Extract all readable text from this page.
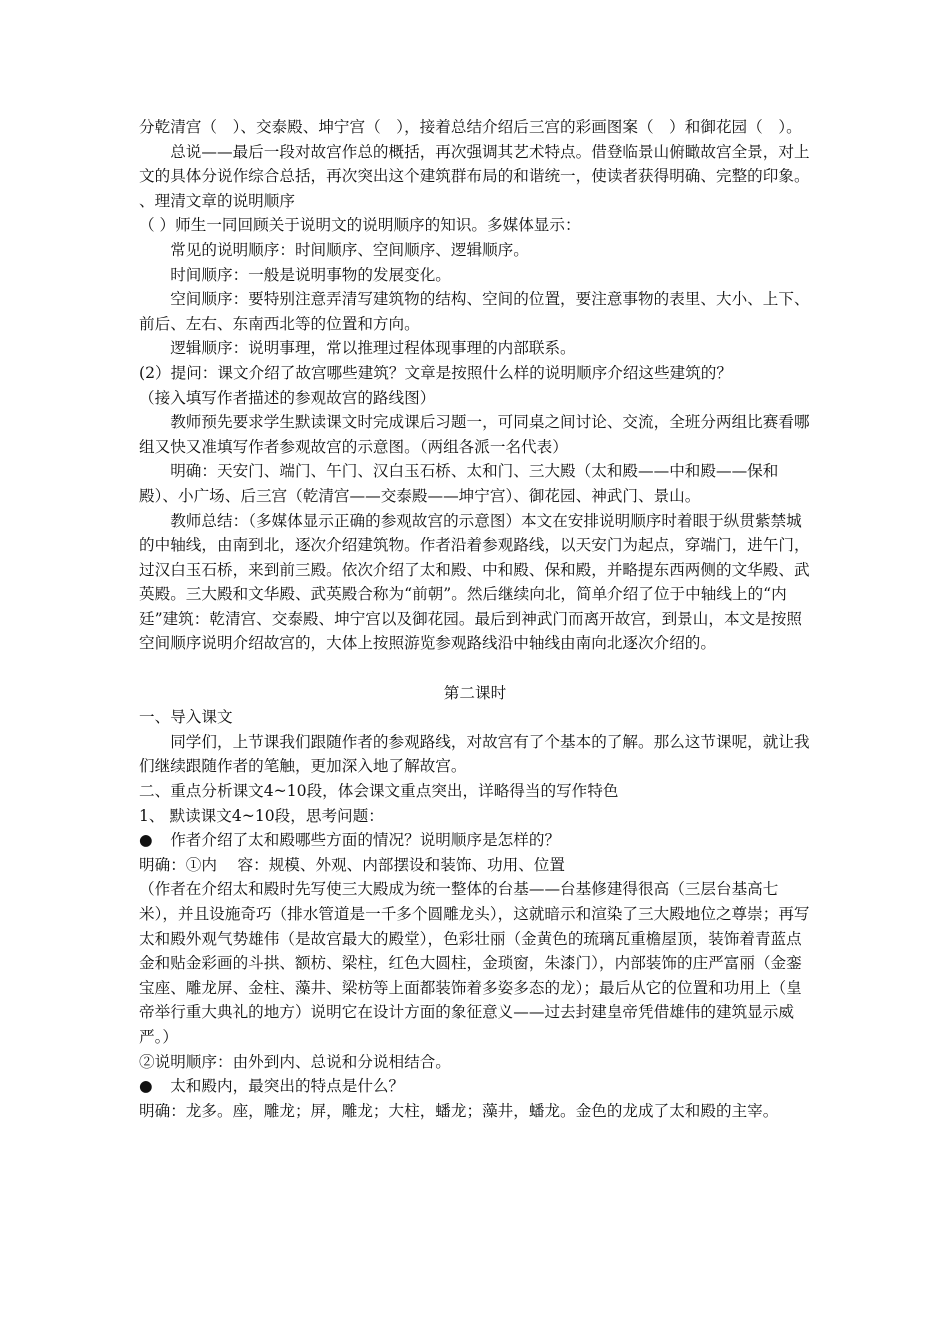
分乾清宫（　）、交泰殿、坤宁宫（　），接着总结介绍后三宫的彩画图案（　）和御花园（　）。

总说——最后一段对故宫作总的概括，再次强调其艺术特点。借登临景山俯瞰故宫全景，对上文的具体分说作综合总括，再次突出这个建筑群布局的和谐统一，使读者获得明确、完整的印象。

、理清文章的说明顺序

（ ）师生一同回顾关于说明文的说明顺序的知识。多媒体显示：

常见的说明顺序：时间顺序、空间顺序、逻辑顺序。

时间顺序：一般是说明事物的发展变化。

空间顺序：要特别注意弄清写建筑物的结构、空间的位置，要注意事物的表里、大小、上下、前后、左右、东南西北等的位置和方向。

逻辑顺序：说明事理，常以推理过程体现事理的内部联系。

(2）提问：课文介绍了故宫哪些建筑？文章是按照什么样的说明顺序介绍这些建筑的？

（接入填写作者描述的参观故宫的路线图）

教师预先要求学生默读课文时完成课后习题一，可同桌之间讨论、交流，全班分两组比赛看哪组又快又准填写作者参观故宫的示意图。（两组各派一名代表）

明确：天安门、端门、午门、汉白玉石桥、太和门、三大殿（太和殿——中和殿——保和殿）、小广场、后三宫（乾清宫——交泰殿——坤宁宫）、御花园、神武门、景山。

教师总结：（多媒体显示正确的参观故宫的示意图）本文在安排说明顺序时着眼于纵贯紫禁城的中轴线，由南到北，逐次介绍建筑物。作者沿着参观路线，以天安门为起点，穿端门，进午门，过汉白玉石桥，来到前三殿。依次介绍了太和殿、中和殿、保和殿，并略提东西两侧的文华殿、武英殿。三大殿和文华殿、武英殿合称为“前朝”。然后继续向北，简单介绍了位于中轴线上的“内廷”建筑：乾清宫、交泰殿、坤宁宫以及御花园。最后到神武门而离开故宫，到景山，本文是按照空间顺序说明介绍故宫的，大体上按照游览参观路线沿中轴线由南向北逐次介绍的。

第二课时

一、导入课文

同学们，上节课我们跟随作者的参观路线，对故宫有了个基本的了解。那么这节课呢，就让我们继续跟随作者的笔触，更加深入地了解故宫。

二、重点分析课文4~10段，体会课文重点突出，详略得当的写作特色

1、 默读课文4~10段，思考问题：

●	作者介绍了太和殿哪些方面的情况？说明顺序是怎样的？

明确：①内　 容：规模、外观、内部摆设和装饰、功用、位置

（作者在介绍太和殿时先写使三大殿成为统一整体的台基——台基修建得很高（三层台基高七米），并且设施奇巧（排水管道是一千多个圆雕龙头），这就暗示和渲染了三大殿地位之尊崇；再写太和殿外观气势雄伟（是故宫最大的殿堂），色彩壮丽（金黄色的琉璃瓦重檐屋顶，装饰着青蓝点金和贴金彩画的斗拱、额枋、梁柱，红色大圆柱，金琐窗，朱漆门），内部装饰的庄严富丽（金銮宝座、雕龙屏、金柱、藻井、梁枋等上面都装饰着多姿多态的龙）；最后从它的位置和功用上（皇帝举行重大典礼的地方）说明它在设计方面的象征意义——过去封建皇帝凭借雄伟的建筑显示威严。）

②说明顺序：由外到内、总说和分说相结合。

●	太和殿内，最突出的特点是什么？

明确：龙多。座，雕龙；屏，雕龙；大柱，蟠龙；藻井，蟠龙。金色的龙成了太和殿的主宰。
